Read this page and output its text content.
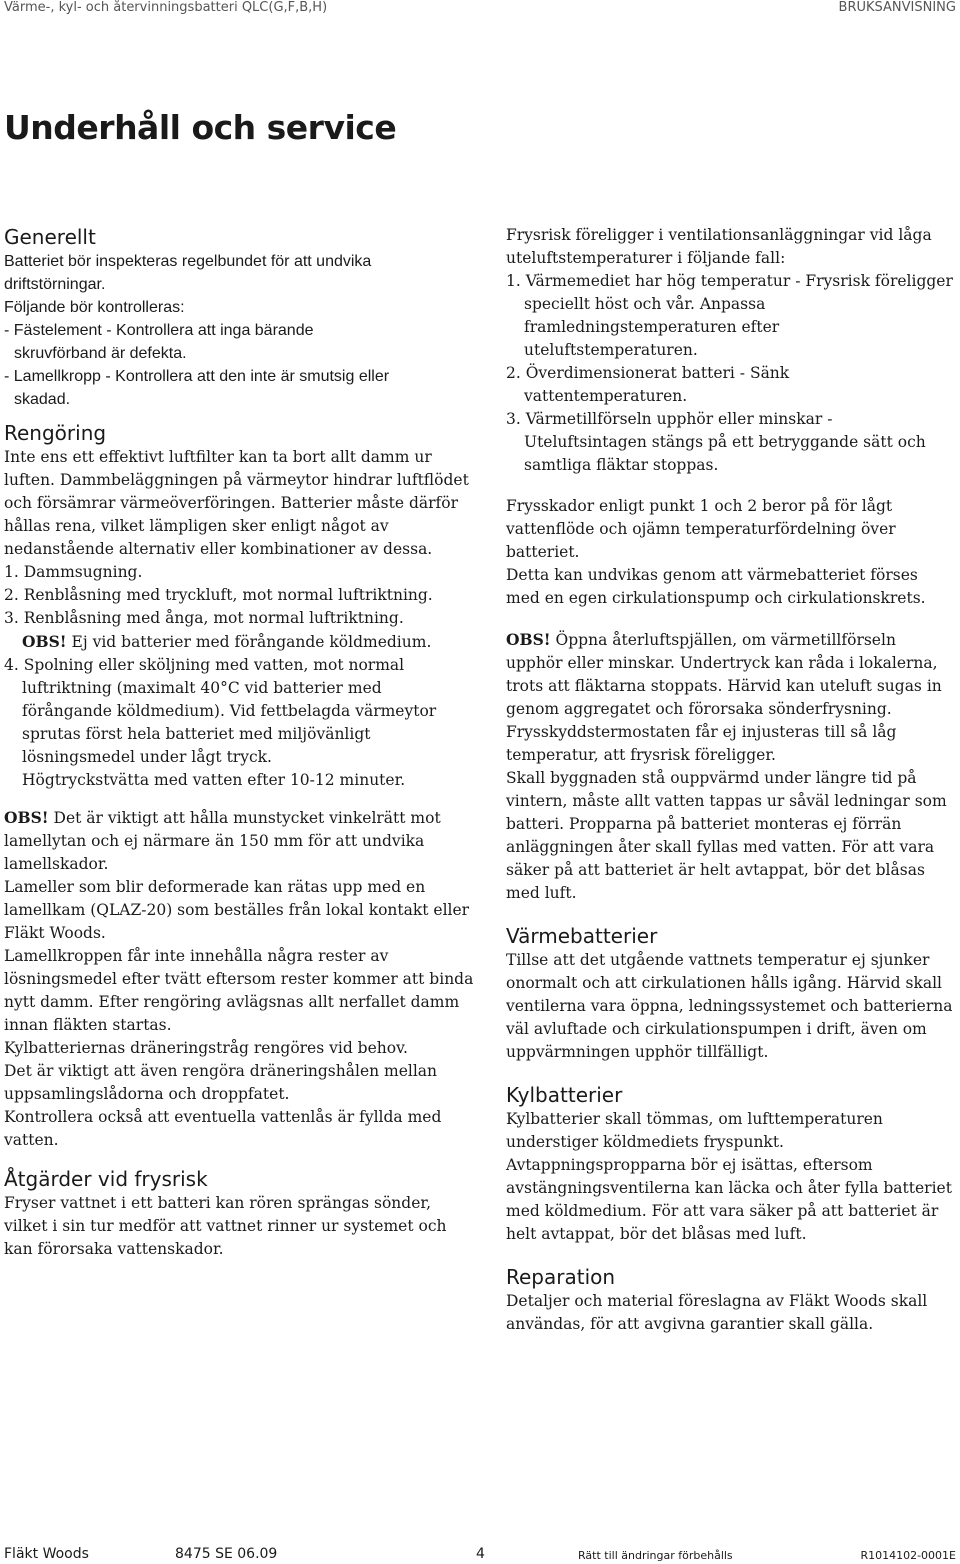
Värme-, kyl- och återvinningsbatteri QLC(G,F,B,H)	BRUKSANVISNING
Underhåll och service
Generellt

Batteriet bör inspekteras regelbundet för att undvika

driftstörningar.

Följande bör kontrolleras:

- Fästelement - Kontrollera att inga bärande

skruvförband är defekta.

- Lamellkropp - Kontrollera att den inte är smutsig eller

skadad.

Rengöring

Inte ens ett effektivt luftfilter kan ta bort allt damm ur luften. Dammbeläggningen på värmeytor hindrar luftflödet och försämrar värmeöverföringen. Batterier måste därför hållas rena, vilket lämpligen sker enligt något av nedanstående alternativ eller kombinationer av dessa.

1. Dammsugning.

2. Renblåsning med tryckluft, mot normal luftriktning.

3. Renblåsning med ånga, mot normal luftriktning.

OBS! Ej vid batterier med förångande köldmedium.

4. Spolning eller sköljning med vatten, mot normal luftriktning (maximalt 40°C vid batterier med förångande köldmedium). Vid fettbelagda värmeytor sprutas först hela batteriet med miljövänligt lösningsmedel under lågt tryck.

Högtryckstvätta med vatten efter 10-12 minuter.

OBS! Det är viktigt att hålla munstycket vinkelrätt mot lamellytan och ej närmare än 150 mm för att undvika lamellskador.

Lameller som blir deformerade kan rätas upp med en lamellkam (QLAZ-20) som beställes från lokal kontakt eller Fläkt Woods.

Lamellkroppen får inte innehålla några rester av lösningsmedel efter tvätt eftersom rester kommer att binda nytt damm. Efter rengöring avlägsnas allt nerfallet damm innan fläkten startas.

Kylbatteriernas dräneringstråg rengöres vid behov.

Det är viktigt att även rengöra dräneringshålen mellan uppsamlingslådorna och droppfatet.

Kontrollera också att eventuella vattenlås är fyllda med vatten.

Åtgärder vid frysrisk

Fryser vattnet i ett batteri kan rören sprängas sönder, vilket i sin tur medför att vattnet rinner ur systemet och kan förorsaka vattenskador.

Frysrisk föreligger i ventilationsanläggningar vid låga uteluftstemperaturer i följande fall:

1. Värmemediet har hög temperatur - Frysrisk föreligger speciellt höst och vår. Anpassa framledningstemperaturen efter uteluftstemperaturen.

2. Överdimensionerat batteri - Sänk vattentemperaturen.

3. Värmetillförseln upphör eller minskar - Uteluftsintagen stängs på ett betryggande sätt och samtliga fläktar stoppas.

Frysskador enligt punkt 1 och 2 beror på för lågt vattenflöde och ojämn temperaturfördelning över batteriet.

Detta kan undvikas genom att värmebatteriet förses med en egen cirkulationspump och cirkulationskrets.

OBS! Öppna återluftspjällen, om värmetillförseln upphör eller minskar. Undertryck kan råda i lokalerna, trots att fläktarna stoppats. Härvid kan uteluft sugas in genom aggregatet och förorsaka sönderfrysning.

Frysskyddstermostaten får ej injusteras till så låg temperatur, att frysrisk föreligger.

Skall byggnaden stå ouppvärmd under längre tid på vintern, måste allt vatten tappas ur såväl ledningar som batteri. Propparna på batteriet monteras ej förrän anläggningen åter skall fyllas med vatten. För att vara säker på att batteriet är helt avtappat, bör det blåsas med luft.

Värmebatterier

Tillse att det utgående vattnets temperatur ej sjunker onormalt och att cirkulationen hålls igång. Härvid skall ventilerna vara öppna, ledningssystemet och batterierna väl avluftade och cirkulationspumpen i drift, även om uppvärmningen upphör tillfälligt.

Kylbatterier

Kylbatterier skall tömmas, om lufttemperaturen understiger köldmediets fryspunkt.

Avtappningspropparna bör ej isättas, eftersom avstängningsventilerna kan läcka och åter fylla batteriet med köldmedium. För att vara säker på att batteriet är helt avtappat, bör det blåsas med luft.

Reparation

Detaljer och material föreslagna av Fläkt Woods skall användas, för att avgivna garantier skall gälla.

Fläkt Woods	8475 SE 06.09	4	Rätt till ändringar förbehålls	R1014102-0001E
